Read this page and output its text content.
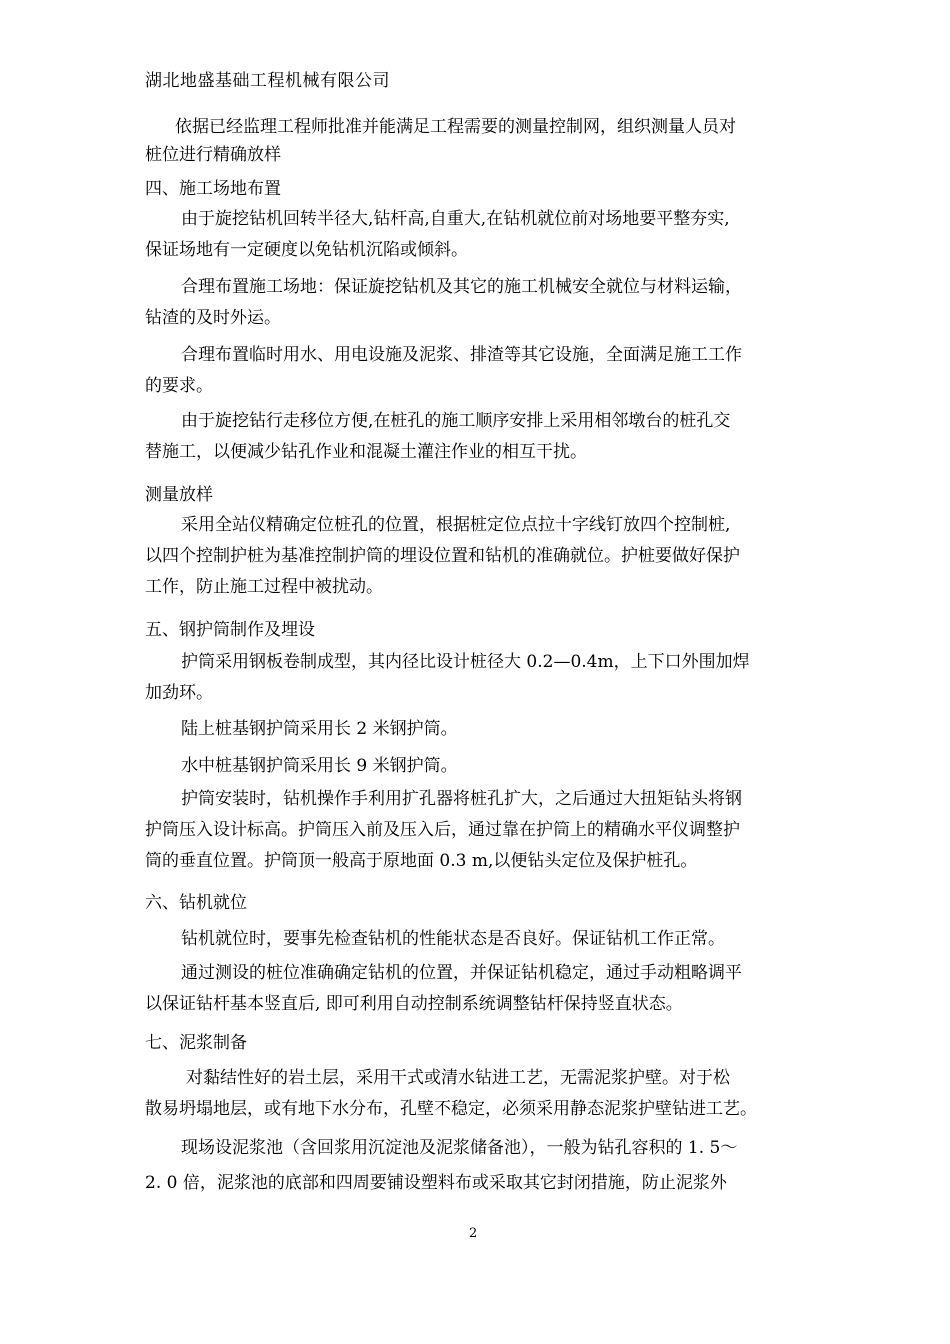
湖北地盛基础工程机械有限公司
依据已经监理工程师批准并能满足工程需要的测量控制网，组织测量人员对
桩位进行精确放样
四、施工场地布置
由于旋挖钻机回转半径大,钻杆高,自重大,在钻机就位前对场地要平整夯实,
保证场地有一定硬度以免钻机沉陷或倾斜。
合理布置施工场地：保证旋挖钻机及其它的施工机械安全就位与材料运输，
钻渣的及时外运。
合理布置临时用水、用电设施及泥浆、排渣等其它设施，全面满足施工工作
的要求。
由于旋挖钻行走移位方便,在桩孔的施工顺序安排上采用相邻墩台的桩孔交
替施工，以便减少钻孔作业和混凝土灌注作业的相互干扰。
测量放样
采用全站仪精确定位桩孔的位置，根据桩定位点拉十字线钉放四个控制桩,
以四个控制护桩为基准控制护筒的埋设位置和钻机的准确就位。护桩要做好保护
工作，防止施工过程中被扰动。
五、钢护筒制作及埋设
护筒采用钢板卷制成型，其内径比设计桩径大 0.2—0.4m，上下口外围加焊
加劲环。
陆上桩基钢护筒采用长 2 米钢护筒。
水中桩基钢护筒采用长 9 米钢护筒。
护筒安装时，钻机操作手利用扩孔器将桩孔扩大，之后通过大扭矩钻头将钢
护筒压入设计标高。护筒压入前及压入后，通过靠在护筒上的精确水平仪调整护
筒的垂直位置。护筒顶一般高于原地面 0.3 m,以便钻头定位及保护桩孔。
六、钻机就位
钻机就位时，要事先检查钻机的性能状态是否良好。保证钻机工作正常。
通过测设的桩位准确确定钻机的位置，并保证钻机稳定，通过手动粗略调平
以保证钻杆基本竖直后, 即可利用自动控制系统调整钻杆保持竖直状态。
七、泥浆制备
对黏结性好的岩土层，采用干式或清水钻进工艺，无需泥浆护壁。对于松
散易坍塌地层，或有地下水分布，孔壁不稳定，必须采用静态泥浆护壁钻进工艺。
现场设泥浆池（含回浆用沉淀池及泥浆储备池），一般为钻孔容积的 1. 5～
2. 0 倍，泥浆池的底部和四周要铺设塑料布或采取其它封闭措施，防止泥浆外
2
